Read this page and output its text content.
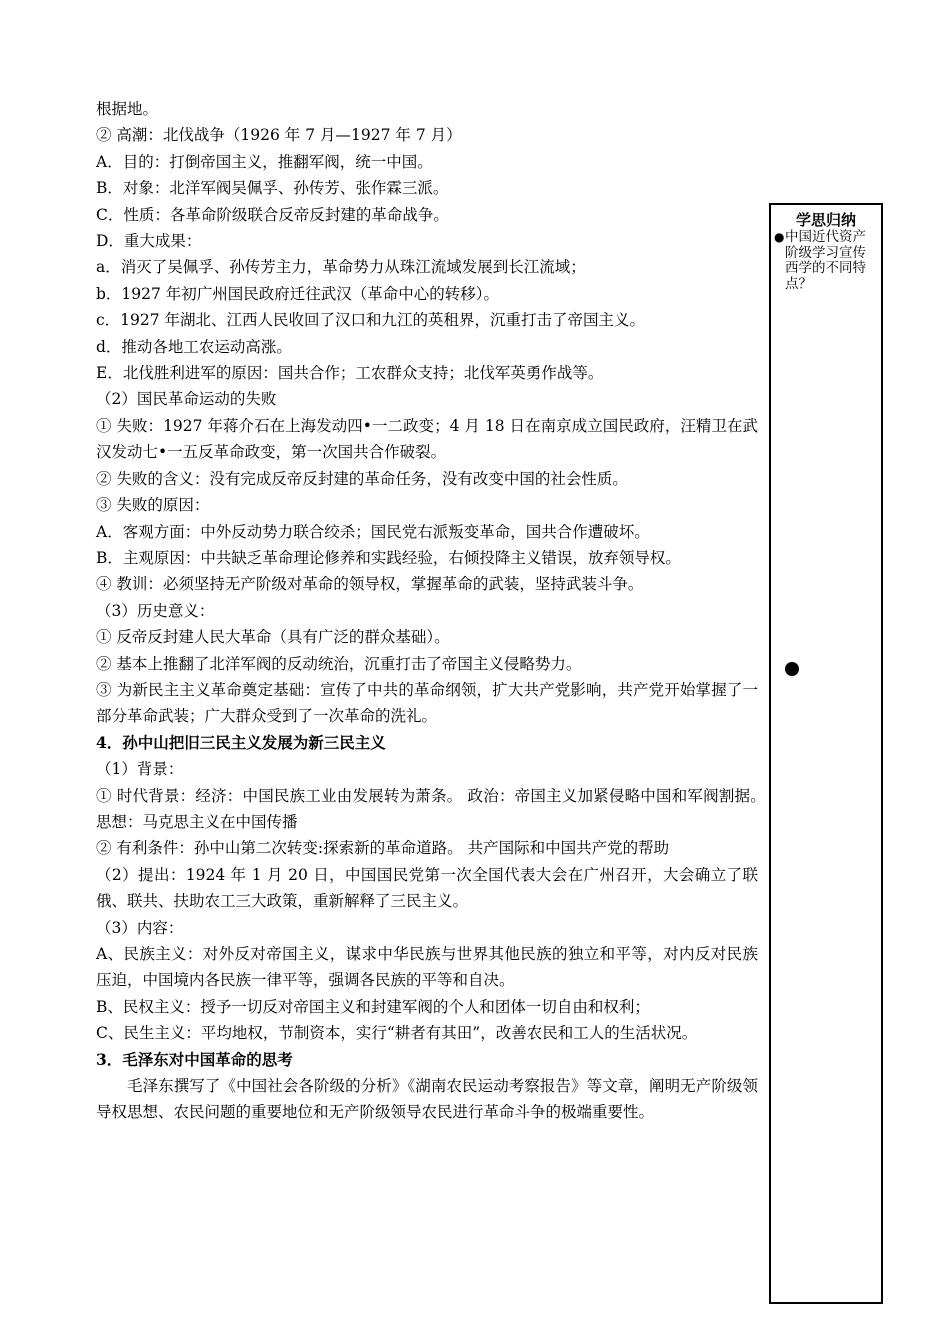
根据地。
② 高潮：北伐战争（1926 年 7 月—1927 年 7 月）
A．目的：打倒帝国主义，推翻军阀，统一中国。
B．对象：北洋军阀吴佩孚、孙传芳、张作霖三派。
C．性质：各革命阶级联合反帝反封建的革命战争。
D．重大成果：
a．消灭了吴佩孚、孙传芳主力，革命势力从珠江流域发展到长江流域；
b．1927 年初广州国民政府迁往武汉（革命中心的转移）。
c．1927 年湖北、江西人民收回了汉口和九江的英租界，沉重打击了帝国主义。
d．推动各地工农运动高涨。
E．北伐胜利进军的原因：国共合作；工农群众支持；北伐军英勇作战等。
（2）国民革命运动的失败
① 失败：1927 年蒋介石在上海发动四•一二政变；4 月 18 日在南京成立国民政府，汪精卫在武汉发动七•一五反革命政变，第一次国共合作破裂。
② 失败的含义：没有完成反帝反封建的革命任务，没有改变中国的社会性质。
③ 失败的原因：
A．客观方面：中外反动势力联合绞杀；国民党右派叛变革命，国共合作遭破坏。
B．主观原因：中共缺乏革命理论修养和实践经验，右倾投降主义错误，放弃领导权。
④ 教训：必须坚持无产阶级对革命的领导权，掌握革命的武装，坚持武装斗争。
（3）历史意义：
① 反帝反封建人民大革命（具有广泛的群众基础）。
② 基本上推翻了北洋军阀的反动统治，沉重打击了帝国主义侵略势力。
③ 为新民主主义革命奠定基础：宣传了中共的革命纲领，扩大共产党影响，共产党开始掌握了一部分革命武装；广大群众受到了一次革命的洗礼。
4．孙中山把旧三民主义发展为新三民主义
（1）背景：
① 时代背景：经济：中国民族工业由发展转为萧条。 政治：帝国主义加紧侵略中国和军阀割据。　 思想：马克思主义在中国传播
② 有利条件：孙中山第二次转变:探索新的革命道路。 共产国际和中国共产党的帮助
（2）提出：1924 年 1 月 20 日，中国国民党第一次全国代表大会在广州召开，大会确立了联俄、联共、扶助农工三大政策，重新解释了三民主义。
（3）内容：
A、民族主义：对外反对帝国主义，谋求中华民族与世界其他民族的独立和平等，对内反对民族压迫，中国境内各民族一律平等，强调各民族的平等和自决。
B、民权主义：授予一切反对帝国主义和封建军阀的个人和团体一切自由和权利；
C、民生主义：平均地权，节制资本，实行“耕者有其田”，改善农民和工人的生活状况。
3．毛泽东对中国革命的思考
毛泽东撰写了《中国社会各阶级的分析》《湖南农民运动考察报告》等文章，阐明无产阶级领导权思想、农民问题的重要地位和无产阶级领导农民进行革命斗争的极端重要性。
学思归纳
● 中国近代资产阶级学习宣传西学的不同特点？
